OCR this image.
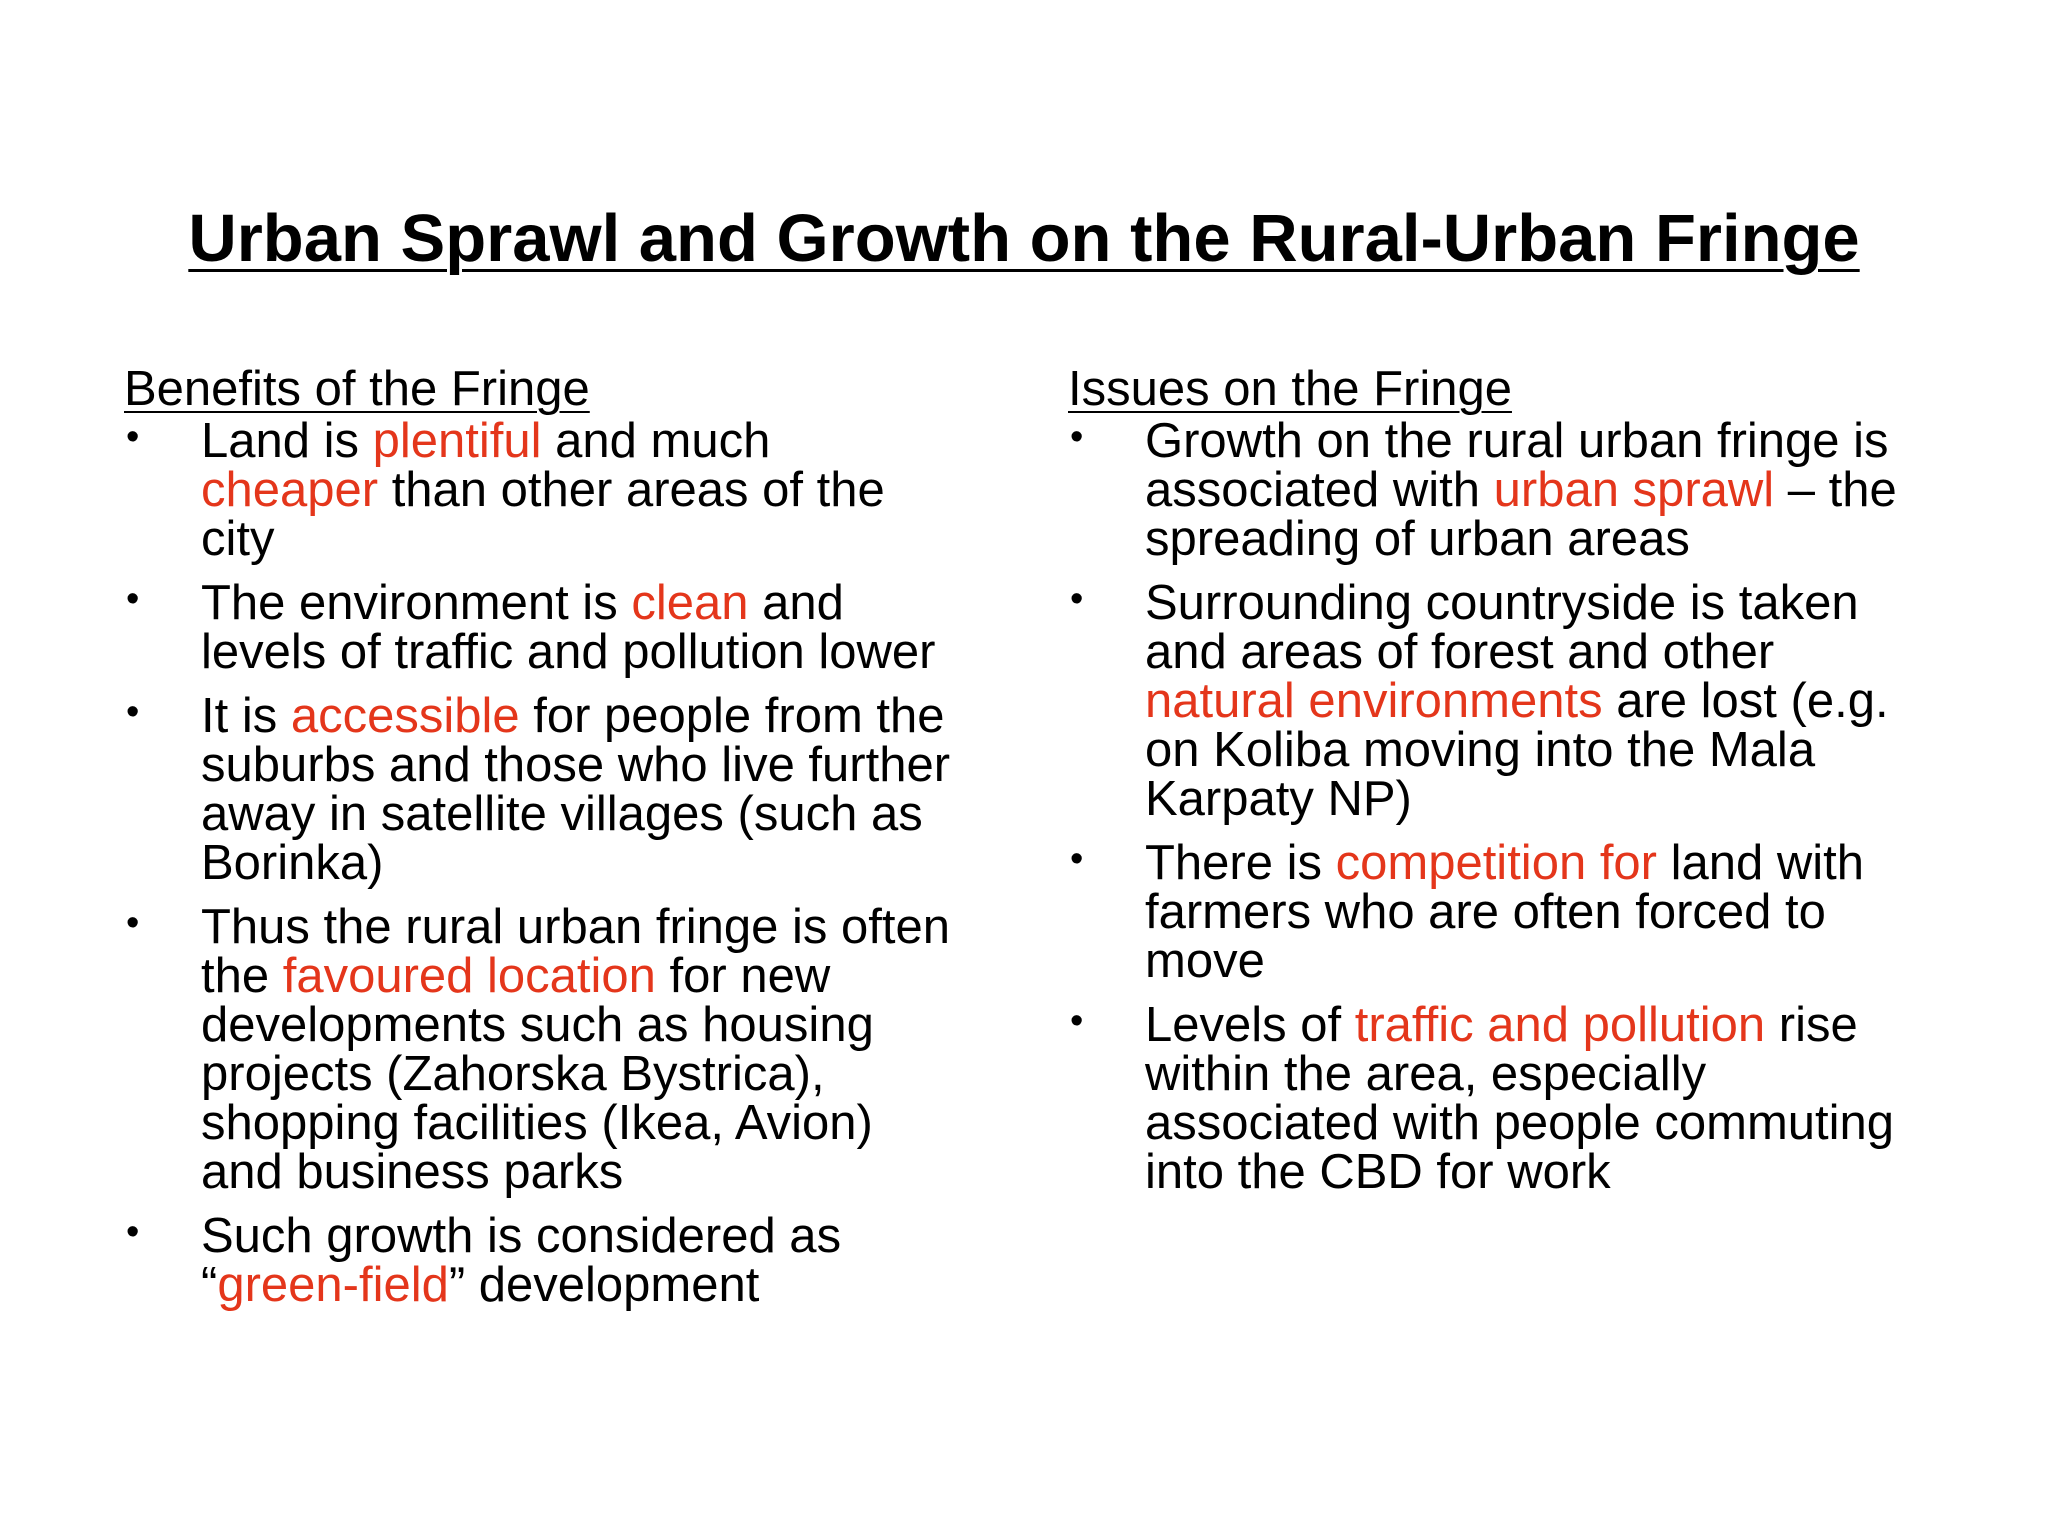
Urban Sprawl and Growth on the Rural-Urban Fringe
Benefits of the Fringe
• Land is plentiful and much
cheaper than other areas of the
city
• The environment is clean and
levels of traffic and pollution lower
• It is accessible for people from the
suburbs and those who live further
away in satellite villages (such as
Borinka)
• Thus the rural urban fringe is often
the favoured location for new
developments such as housing
projects (Zahorska Bystrica),
shopping facilities (Ikea, Avion)
and business parks
• Such growth is considered as
“green-field” development
Issues on the Fringe
• Growth on the rural urban fringe is
associated with urban sprawl – the
spreading of urban areas
• Surrounding countryside is taken
and areas of forest and other
natural environments are lost (e.g.
on Koliba moving into the Mala
Karpaty NP)
• There is competition for land with
farmers who are often forced to
move
• Levels of traffic and pollution rise
within the area, especially
associated with people commuting
into the CBD for work
